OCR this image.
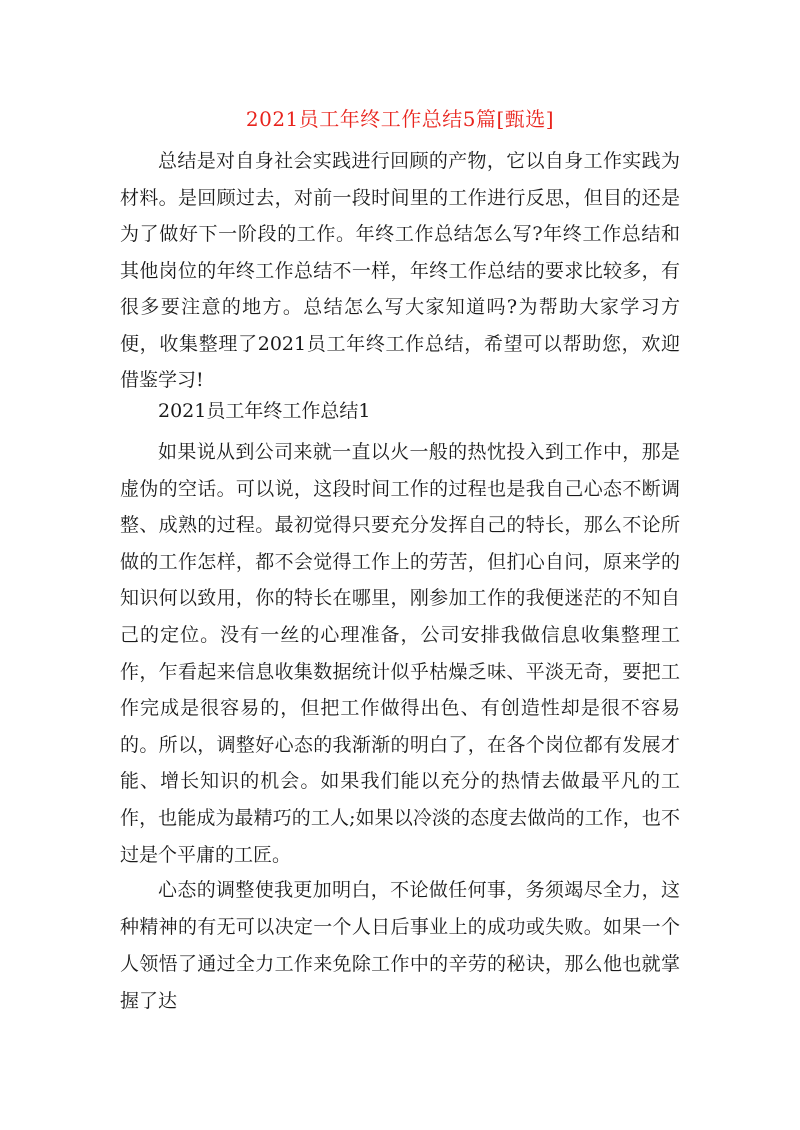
2021员工年终工作总结5篇[甄选]

总结是对自身社会实践进行回顾的产物，它以自身工作实践为材料。是回顾过去，对前一段时间里的工作进行反思，但目的还是为了做好下一阶段的工作。年终工作总结怎么写?年终工作总结和其他岗位的年终工作总结不一样，年终工作总结的要求比较多，有很多要注意的地方。总结怎么写大家知道吗?为帮助大家学习方便，收集整理了2021员工年终工作总结，希望可以帮助您，欢迎借鉴学习!

2021员工年终工作总结1

如果说从到公司来就一直以火一般的热忱投入到工作中，那是虚伪的空话。可以说，这段时间工作的过程也是我自己心态不断调整、成熟的过程。最初觉得只要充分发挥自己的特长，那么不论所做的工作怎样，都不会觉得工作上的劳苦，但扪心自问，原来学的知识何以致用，你的特长在哪里，刚参加工作的我便迷茫的不知自己的定位。没有一丝的心理准备，公司安排我做信息收集整理工作，乍看起来信息收集数据统计似乎枯燥乏味、平淡无奇，要把工作完成是很容易的，但把工作做得出色、有创造性却是很不容易的。所以，调整好心态的我渐渐的明白了，在各个岗位都有发展才能、增长知识的机会。如果我们能以充分的热情去做最平凡的工作，也能成为最精巧的工人;如果以冷淡的态度去做尚的工作，也不过是个平庸的工匠。

心态的调整使我更加明白，不论做任何事，务须竭尽全力，这种精神的有无可以决定一个人日后事业上的成功或失败。如果一个人领悟了通过全力工作来免除工作中的辛劳的秘诀，那么他也就掌握了达
